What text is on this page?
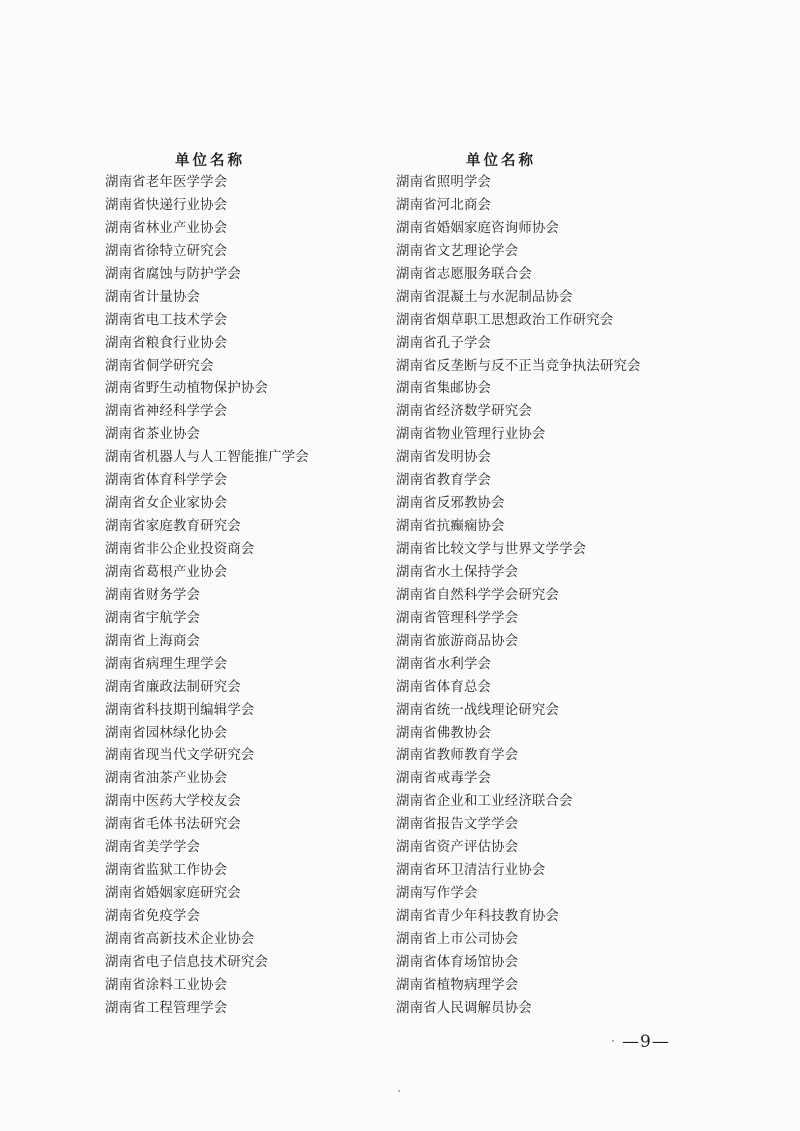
单位名称
湖南省老年医学学会
湖南省快递行业协会
湖南省林业产业协会
湖南省徐特立研究会
湖南省腐蚀与防护学会
湖南省计量协会
湖南省电工技术学会
湖南省粮食行业协会
湖南省侗学研究会
湖南省野生动植物保护协会
湖南省神经科学学会
湖南省茶业协会
湖南省机器人与人工智能推广学会
湖南省体育科学学会
湖南省女企业家协会
湖南省家庭教育研究会
湖南省非公企业投资商会
湖南省葛根产业协会
湖南省财务学会
湖南省宇航学会
湖南省上海商会
湖南省病理生理学会
湖南省廉政法制研究会
湖南省科技期刊编辑学会
湖南省园林绿化协会
湖南省现当代文学研究会
湖南省油茶产业协会
湖南中医药大学校友会
湖南省毛体书法研究会
湖南省美学学会
湖南省监狱工作协会
湖南省婚姻家庭研究会
湖南省免疫学会
湖南省高新技术企业协会
湖南省电子信息技术研究会
湖南省涂料工业协会
湖南省工程管理学会
单位名称
湖南省照明学会
湖南省河北商会
湖南省婚姻家庭咨询师协会
湖南省文艺理论学会
湖南省志愿服务联合会
湖南省混凝土与水泥制品协会
湖南省烟草职工思想政治工作研究会
湖南省孔子学会
湖南省反垄断与反不正当竞争执法研究会
湖南省集邮协会
湖南省经济数学研究会
湖南省物业管理行业协会
湖南省发明协会
湖南省教育学会
湖南省反邪教协会
湖南省抗癫痫协会
湖南省比较文学与世界文学学会
湖南省水土保持学会
湖南省自然科学学会研究会
湖南省管理科学学会
湖南省旅游商品协会
湖南省水利学会
湖南省体育总会
湖南省统一战线理论研究会
湖南省佛教协会
湖南省教师教育学会
湖南省戒毒学会
湖南省企业和工业经济联合会
湖南省报告文学学会
湖南省资产评估协会
湖南省环卫清洁行业协会
湖南写作学会
湖南省青少年科技教育协会
湖南省上市公司协会
湖南省体育场馆协会
湖南省植物病理学会
湖南省人民调解员协会
—9—
